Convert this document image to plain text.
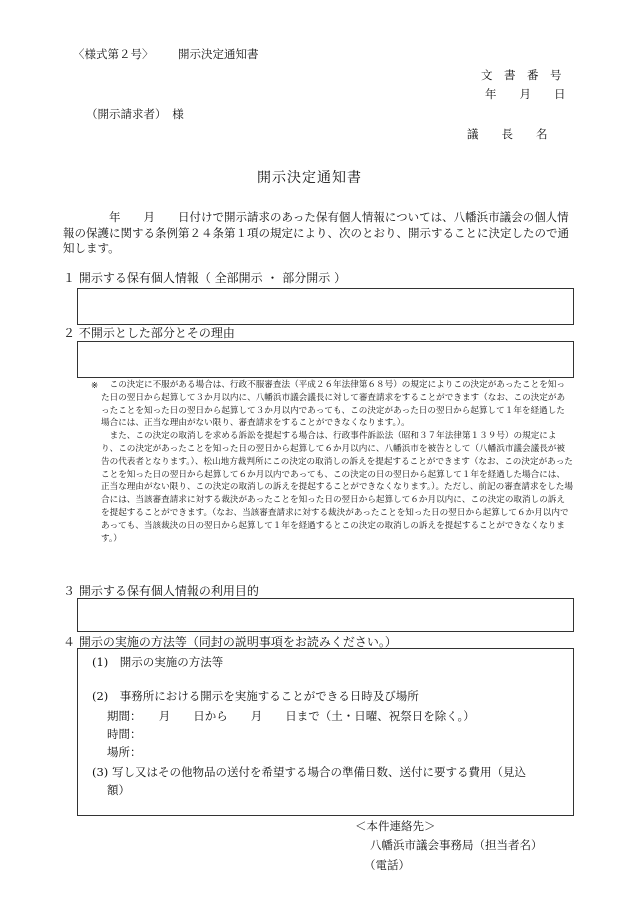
〈様式第２号〉 開示決定通知書
文　書　番　号
年　　月　　日
（開示請求者）　様
議　　長　　名
開示決定通知書
　　　　年　　月　　日付けで開示請求のあった保有個人情報については、八幡浜市議会の個人情報の保護に関する条例第２４条第１項の規定により、次のとおり、開示することに決定したので通知します。
１ 開示する保有個人情報（ 全部開示 ・ 部分開示 ）
２ 不開示とした部分とその理由
※	この決定に不服がある場合は、行政不服審査法（平成２６年法律第６８号）の規定によりこの決定があったことを知った日の翌日から起算して３か月以内に、八幡浜市議会議長に対して審査請求をすることができます（なお、この決定があったことを知った日の翌日から起算して３か月以内であっても、この決定があった日の翌日から起算して１年を経過した場合には、正当な理由がない限り、審査請求をすることができなくなります。）。

また、この決定の取消しを求める訴訟を提起する場合は、行政事件訴訟法（昭和３７年法律第１３９号）の規定により、この決定があったことを知った日の翌日から起算して６か月以内に、八幡浜市を被告として（八幡浜市議会議長が被告の代表者となります。）、松山地方裁判所にこの決定の取消しの訴えを提起することができます（なお、この決定があったことを知った日の翌日から起算して６か月以内であっても、この決定の日の翌日から起算して１年を経過した場合には、正当な理由がない限り、この決定の取消しの訴えを提起することができなくなります。）。ただし、前記の審査請求をした場合には、当該審査請求に対する裁決があったことを知った日の翌日から起算して６か月以内に、この決定の取消しの訴えを提起することができます。（なお、当該審査請求に対する裁決があったことを知った日の翌日から起算して６か月以内であっても、当該裁決の日の翌日から起算して１年を経過するとこの決定の取消しの訴えを提起することができなくなります。）

３ 開示する保有個人情報の利用目的
４ 開示の実施の方法等（同封の説明事項をお読みください。）
(1)　開示の実施の方法等
(2)　事務所における開示を実施することができる日時及び場所
期間：　　月　　日から　　月　　日まで（土・日曜、祝祭日を除く。）
時間：
場所：
(3) 写し又はその他物品の送付を希望する場合の準備日数、送付に要する費用（見込
額）
＜本件連絡先＞
八幡浜市議会事務局（担当者名）
（電話）
